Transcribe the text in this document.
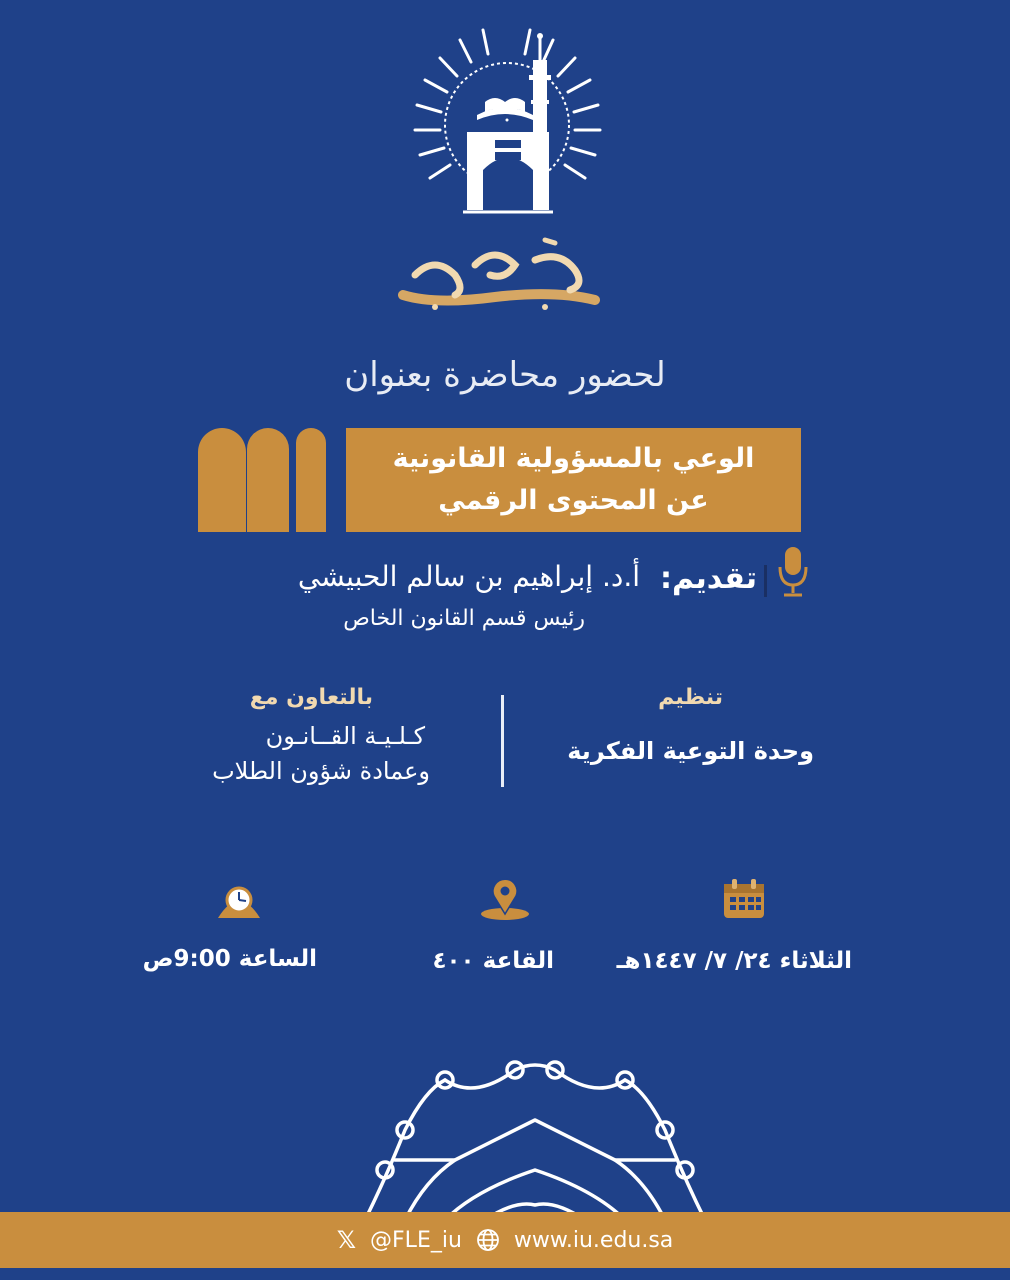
لحضور محاضرة بعنوان
الوعي بالمسؤولية القانونية
عن المحتوى الرقمي
تقديم:
أ.د. إبراهيم بن سالم الحبيشي
رئيس قسم القانون الخاص
تنظيم
وحدة التوعية الفكرية
بالتعاون مع
كـلـيـة القــانـون
وعمادة شؤون الطلاب
الثلاثاء ٢٤/ ٧/ ١٤٤٧هـ
القاعة ٤٠٠
الساعة 9:00ص
𝕏 @FLE_iu www.iu.edu.sa
